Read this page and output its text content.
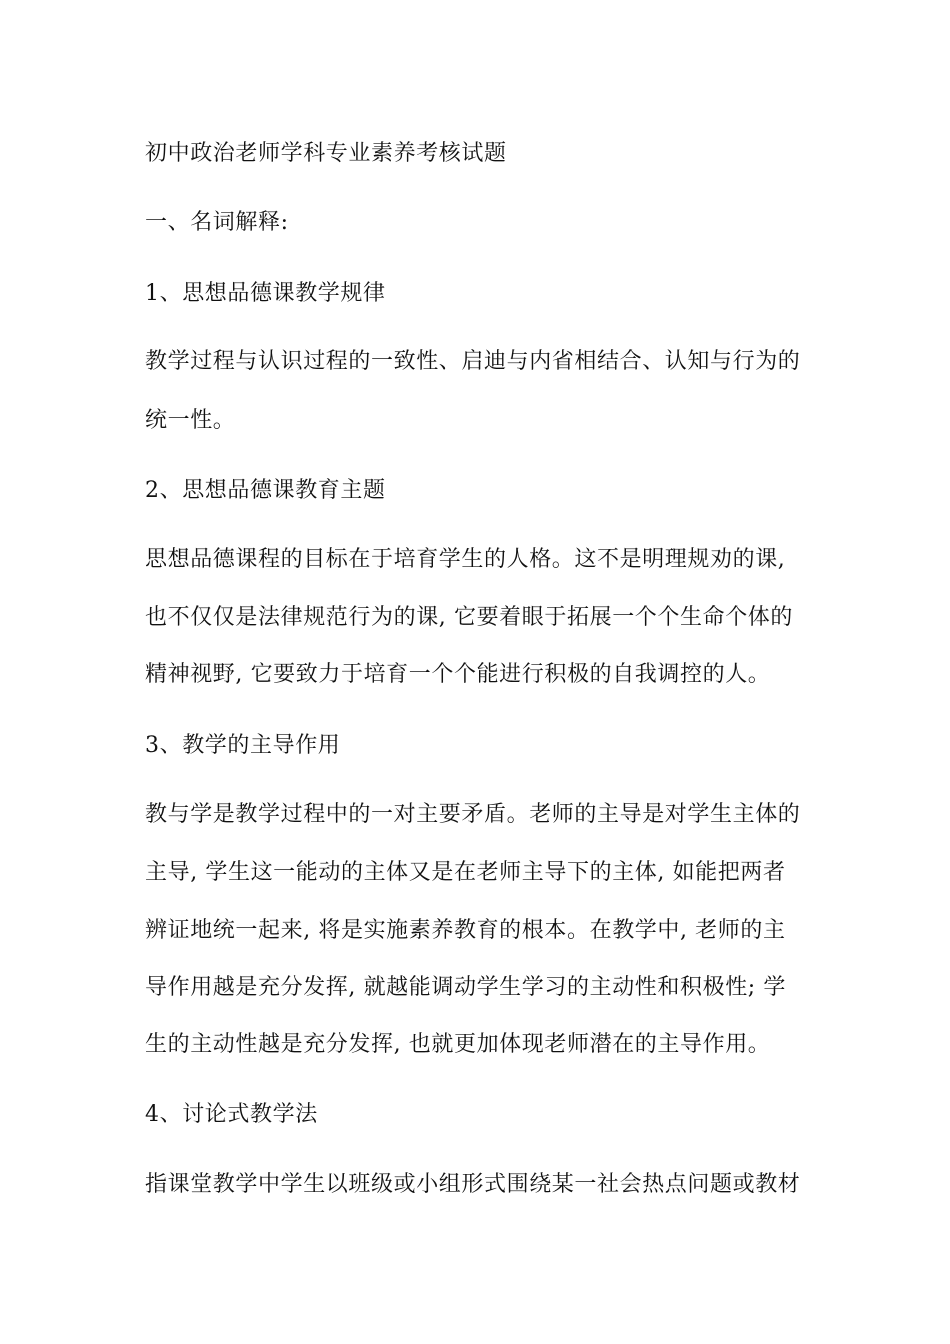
初中政治老师学科专业素养考核试题
一、名词解释:
1、思想品德课教学规律
教学过程与认识过程的一致性、启迪与内省相结合、认知与行为的
统一性。
2、思想品德课教育主题
思想品德课程的目标在于培育学生的人格。这不是明理规劝的课,
也不仅仅是法律规范行为的课, 它要着眼于拓展一个个生命个体的
精神视野, 它要致力于培育一个个能进行积极的自我调控的人。
3、教学的主导作用
教与学是教学过程中的一对主要矛盾。老师的主导是对学生主体的
主导, 学生这一能动的主体又是在老师主导下的主体, 如能把两者
辨证地统一起来, 将是实施素养教育的根本。在教学中, 老师的主
导作用越是充分发挥, 就越能调动学生学习的主动性和积极性; 学
生的主动性越是充分发挥, 也就更加体现老师潜在的主导作用。
4、讨论式教学法
指课堂教学中学生以班级或小组形式围绕某一社会热点问题或教材
